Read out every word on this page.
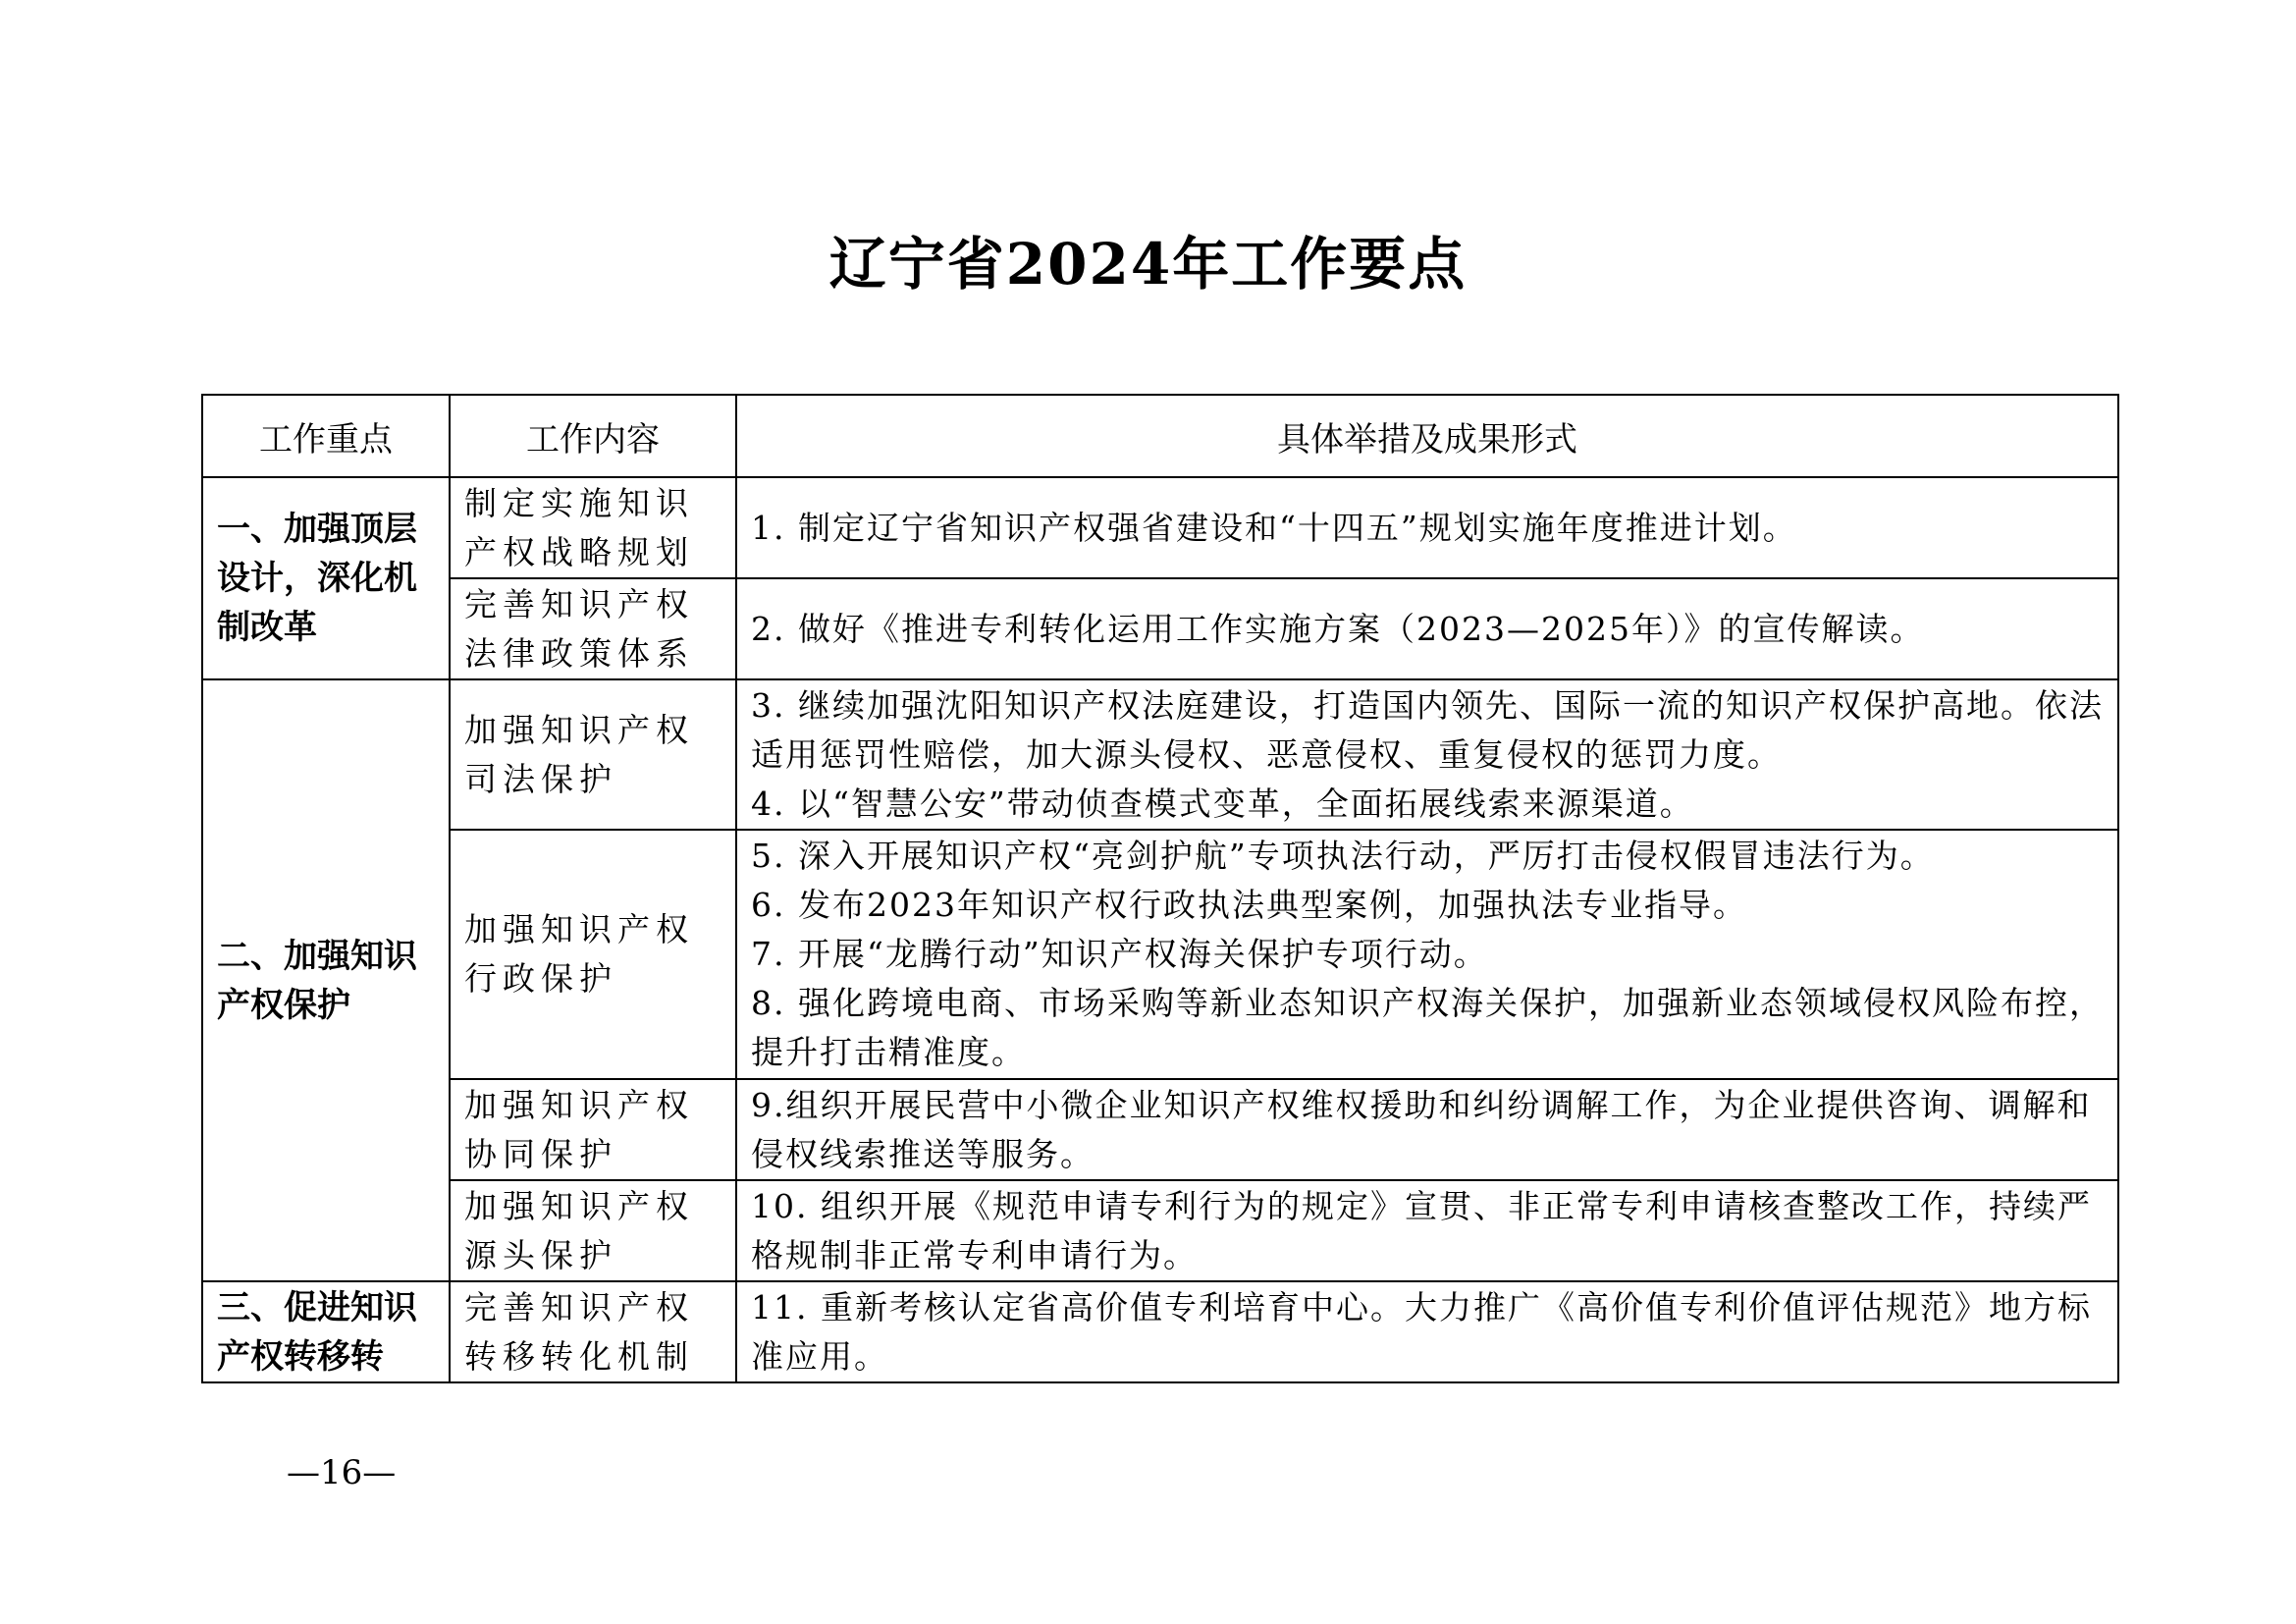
辽宁省2024年工作要点
工作重点	工作内容	具体举措及成果形式
一、加强顶层设计，深化机制改革	制定实施知识产权战略规划	1. 制定辽宁省知识产权强省建设和“十四五”规划实施年度推进计划。

	完善知识产权法律政策体系	2. 做好《推进专利转化运用工作实施方案（2023—2025年）》的宣传解读。

二、加强知识产权保护	加强知识产权司法保护	3. 继续加强沈阳知识产权法庭建设，打造国内领先、国际一流的知识产权保护高地。依法适用惩罚性赔偿，加大源头侵权、恶意侵权、重复侵权的惩罚力度。
4. 以“智慧公安”带动侦查模式变革，全面拓展线索来源渠道。

	加强知识产权行政保护	5. 深入开展知识产权“亮剑护航”专项执法行动，严厉打击侵权假冒违法行为。
6. 发布2023年知识产权行政执法典型案例，加强执法专业指导。
7. 开展“龙腾行动”知识产权海关保护专项行动。
8. 强化跨境电商、市场采购等新业态知识产权海关保护，加强新业态领域侵权风险布控，提升打击精准度。

	加强知识产权协同保护	9.组织开展民营中小微企业知识产权维权援助和纠纷调解工作，为企业提供咨询、调解和侵权线索推送等服务。

	加强知识产权源头保护	10. 组织开展《规范申请专利行为的规定》宣贯、非正常专利申请核查整改工作，持续严格规制非正常专利申请行为。

三、促进知识产权转移转	完善知识产权转移转化机制	11. 重新考核认定省高价值专利培育中心。大力推广《高价值专利价值评估规范》地方标准应用。
—16—
